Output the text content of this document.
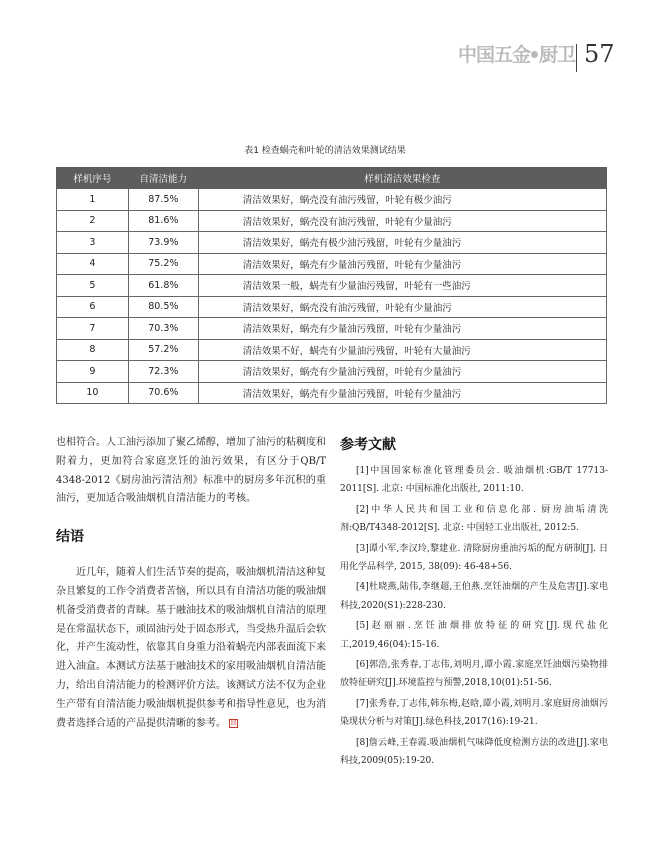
中国五金 厨卫 57
表1 检查蜗壳和叶轮的清洁效果测试结果
样机序号	自清洁能力	样机清洁效果检查
1	87.5%	清洁效果好，蜗壳没有油污残留，叶轮有极少油污
2	81.6%	清洁效果好，蜗壳没有油污残留，叶轮有少量油污
3	73.9%	清洁效果好，蜗壳有极少油污残留，叶轮有少量油污
4	75.2%	清洁效果好，蜗壳有少量油污残留，叶轮有少量油污
5	61.8%	清洁效果一般，蜗壳有少量油污残留，叶轮有一些油污
6	80.5%	清洁效果好，蜗壳没有油污残留，叶轮有少量油污
7	70.3%	清洁效果好，蜗壳有少量油污残留，叶轮有少量油污
8	57.2%	清洁效果不好，蜗壳有少量油污残留，叶轮有大量油污
9	72.3%	清洁效果好，蜗壳有少量油污残留，叶轮有少量油污
10	70.6%	清洁效果好，蜗壳有少量油污残留，叶轮有少量油污

也相符合。人工油污添加了聚乙烯醇，增加了油污的粘稠度和附着力，更加符合家庭烹饪的油污效果，有区分于QB/T 4348-2012《厨房油污清洁剂》标准中的厨房多年沉积的重油污，更加适合吸油烟机自清洁能力的考核。

结语

近几年，随着人们生活节奏的提高，吸油烟机清洁这种复杂且繁复的工作令消费者苦恼，所以具有自清洁功能的吸油烟机备受消费者的青睐。基于融油技术的吸油烟机自清洁的原理是在常温状态下，顽固油污处于固态形式，当受热升温后会软化，并产生流动性，依靠其自身重力沿着蜗壳内部表面流下来进入油盒。本测试方法基于融油技术的家用吸油烟机自清洁能力，给出自清洁能力的检测评价方法。该测试方法不仅为企业生产带有自清洁能力吸油烟机提供参考和指导性意见，也为消费者选择合适的产品提供清晰的参考。 回

参考文献

[1]中国国家标准化管理委员会. 吸油烟机:GB/T 17713-2011[S]. 北京: 中国标准化出版社, 2011:10.

[2]中华人民共和国工业和信息化部. 厨房油垢清洗剂:QB/T4348-2012[S]. 北京: 中国轻工业出版社, 2012:5.

[3]谭小军,李汉玲,黎建业. 清除厨房重油污垢的配方研制[J]. 日用化学品科学, 2015, 38(09): 46-48+56.

[4]杜晓燕,陆伟,李继超,王伯燕.烹饪油烟的产生及危害[J].家电科技,2020(S1):228-230.

[5]赵丽丽.烹饪油烟排放特征的研究[J].现代盐化工,2019,46(04):15-16.

[6]郭浩,张秀春,丁志伟,刘明月,谭小霞.家庭烹饪油烟污染物排放特征研究[J].环境监控与预警,2018,10(01):51-56.

[7]张秀春,丁志伟,韩东梅,赵晗,谭小霞,刘明月.家庭厨房油烟污染现状分析与对策[J].绿色科技,2017(16):19-21.

[8]詹云峰,王春霞.吸油烟机气味降低度检测方法的改进[J].家电科技,2009(05):19-20.
